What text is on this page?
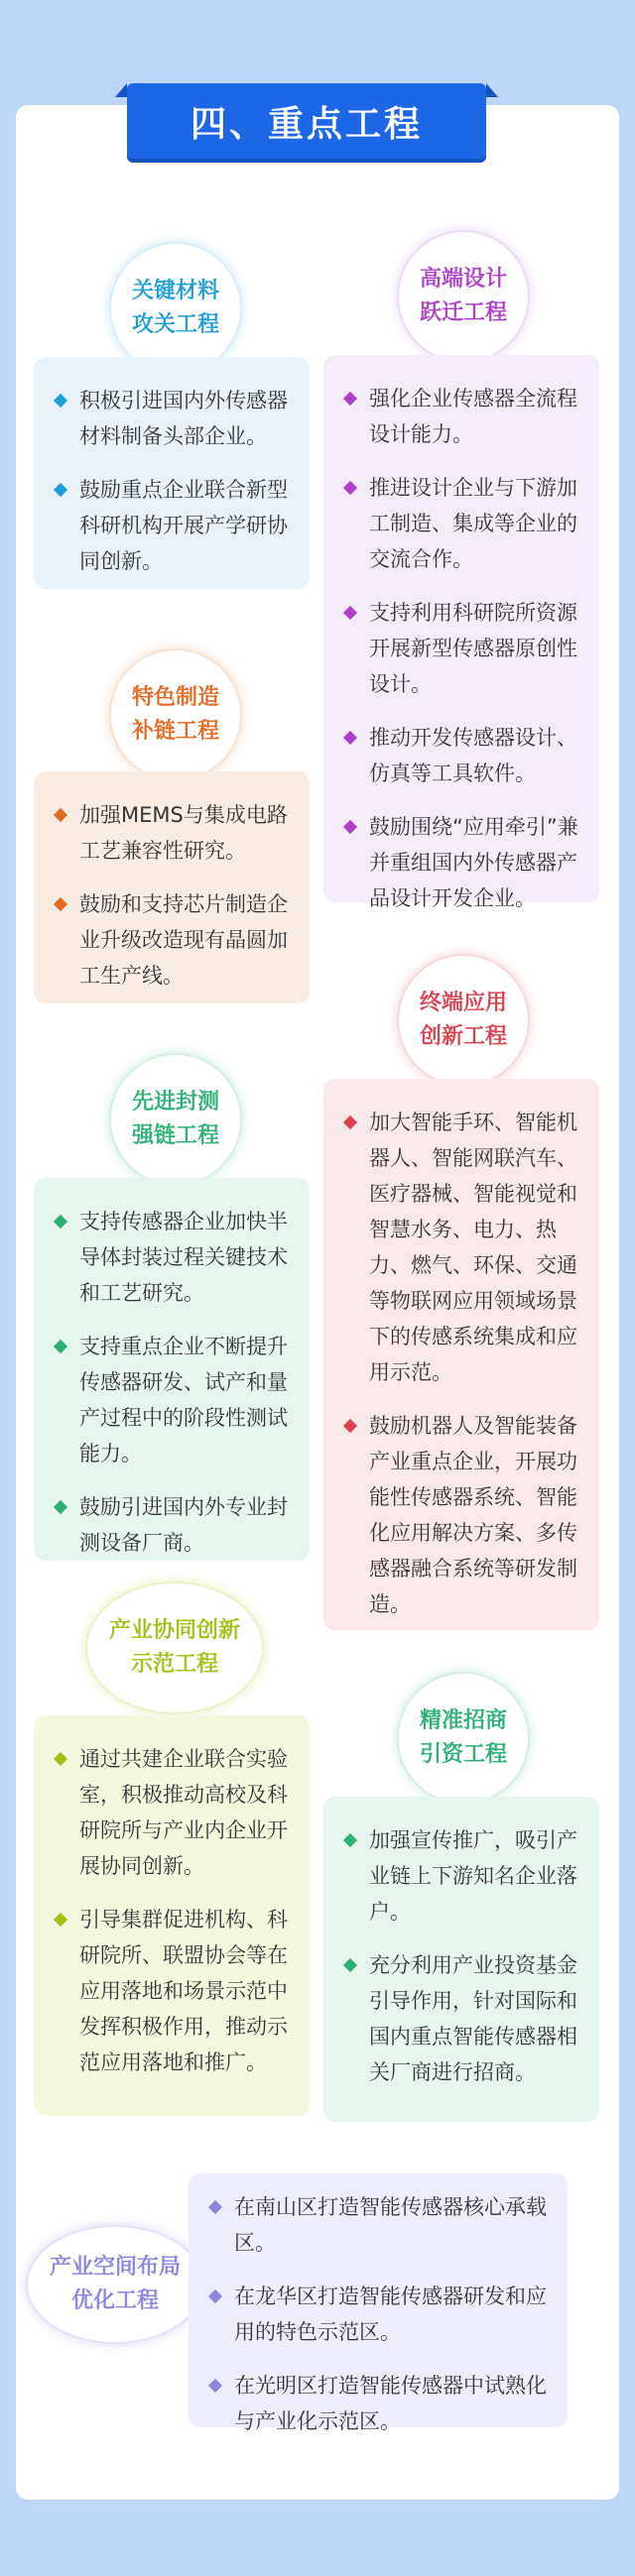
四、重点工程
关键材料
攻关工程
积极引进国内外传感器材料制备头部企业。
鼓励重点企业联合新型科研机构开展产学研协同创新。
高端设计
跃迁工程
强化企业传感器全流程设计能力。
推进设计企业与下游加工制造、集成等企业的交流合作。
支持利用科研院所资源开展新型传感器原创性设计。
推动开发传感器设计、仿真等工具软件。
鼓励围绕“应用牵引”兼并重组国内外传感器产品设计开发企业。
特色制造
补链工程
加强MEMS与集成电路工艺兼容性研究。
鼓励和支持芯片制造企业升级改造现有晶圆加工生产线。
终端应用
创新工程
加大智能手环、智能机器人、智能网联汽车、医疗器械、智能视觉和智慧水务、电力、热力、燃气、环保、交通等物联网应用领域场景下的传感系统集成和应用示范。
鼓励机器人及智能装备产业重点企业，开展功能性传感器系统、智能化应用解决方案、多传感器融合系统等研发制造。
先进封测
强链工程
支持传感器企业加快半导体封装过程关键技术和工艺研究。
支持重点企业不断提升传感器研发、试产和量产过程中的阶段性测试能力。
鼓励引进国内外专业封测设备厂商。
产业协同创新
示范工程
通过共建企业联合实验室，积极推动高校及科研院所与产业内企业开展协同创新。
引导集群促进机构、科研院所、联盟协会等在应用落地和场景示范中发挥积极作用，推动示范应用落地和推广。
精准招商
引资工程
加强宣传推广，吸引产业链上下游知名企业落户。
充分利用产业投资基金引导作用，针对国际和国内重点智能传感器相关厂商进行招商。
产业空间布局
优化工程
在南山区打造智能传感器核心承载区。
在龙华区打造智能传感器研发和应用的特色示范区。
在光明区打造智能传感器中试熟化与产业化示范区。
